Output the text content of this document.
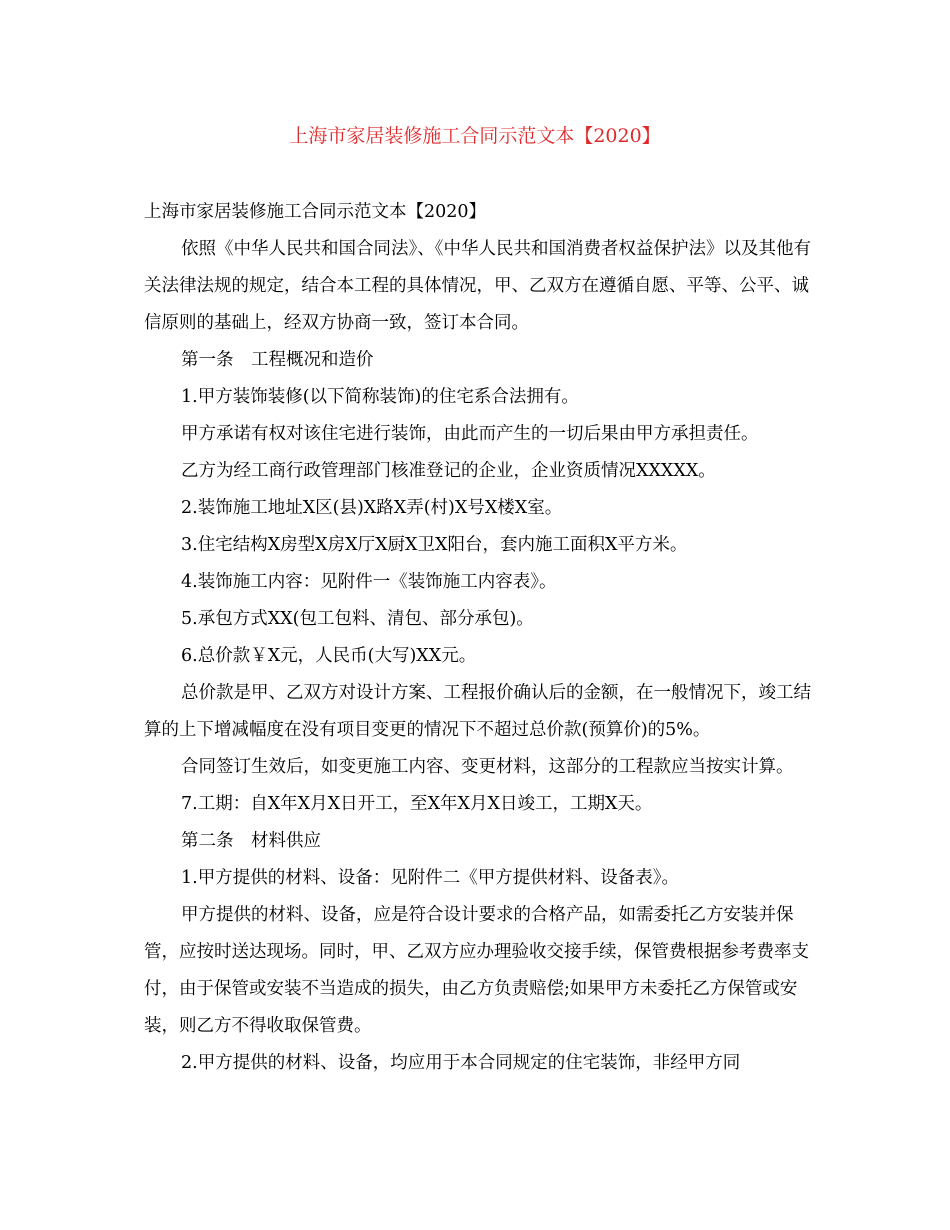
上海市家居装修施工合同示范文本【2020】

上海市家居装修施工合同示范文本【2020】

依照《中华人民共和国合同法》、《中华人民共和国消费者权益保护法》以及其他有关法律法规的规定，结合本工程的具体情况，甲、乙双方在遵循自愿、平等、公平、诚信原则的基础上，经双方协商一致，签订本合同。

第一条　工程概况和造价

1.甲方装饰装修(以下简称装饰)的住宅系合法拥有。

甲方承诺有权对该住宅进行装饰，由此而产生的一切后果由甲方承担责任。

乙方为经工商行政管理部门核准登记的企业，企业资质情况XXXXX。

2.装饰施工地址X区(县)X路X弄(村)X号X楼X室。

3.住宅结构X房型X房X厅X厨X卫X阳台，套内施工面积X平方米。

4.装饰施工内容：见附件一《装饰施工内容表》。

5.承包方式XX(包工包料、清包、部分承包)。

6.总价款￥X元，人民币(大写)XX元。

总价款是甲、乙双方对设计方案、工程报价确认后的金额，在一般情况下，竣工结算的上下增减幅度在没有项目变更的情况下不超过总价款(预算价)的5%。

合同签订生效后，如变更施工内容、变更材料，这部分的工程款应当按实计算。

7.工期：自X年X月X日开工，至X年X月X日竣工，工期X天。

第二条　材料供应

1.甲方提供的材料、设备：见附件二《甲方提供材料、设备表》。

甲方提供的材料、设备，应是符合设计要求的合格产品，如需委托乙方安装并保管，应按时送达现场。同时，甲、乙双方应办理验收交接手续，保管费根据参考费率支付，由于保管或安装不当造成的损失，由乙方负责赔偿;如果甲方未委托乙方保管或安装，则乙方不得收取保管费。

2.甲方提供的材料、设备，均应用于本合同规定的住宅装饰，非经甲方同
